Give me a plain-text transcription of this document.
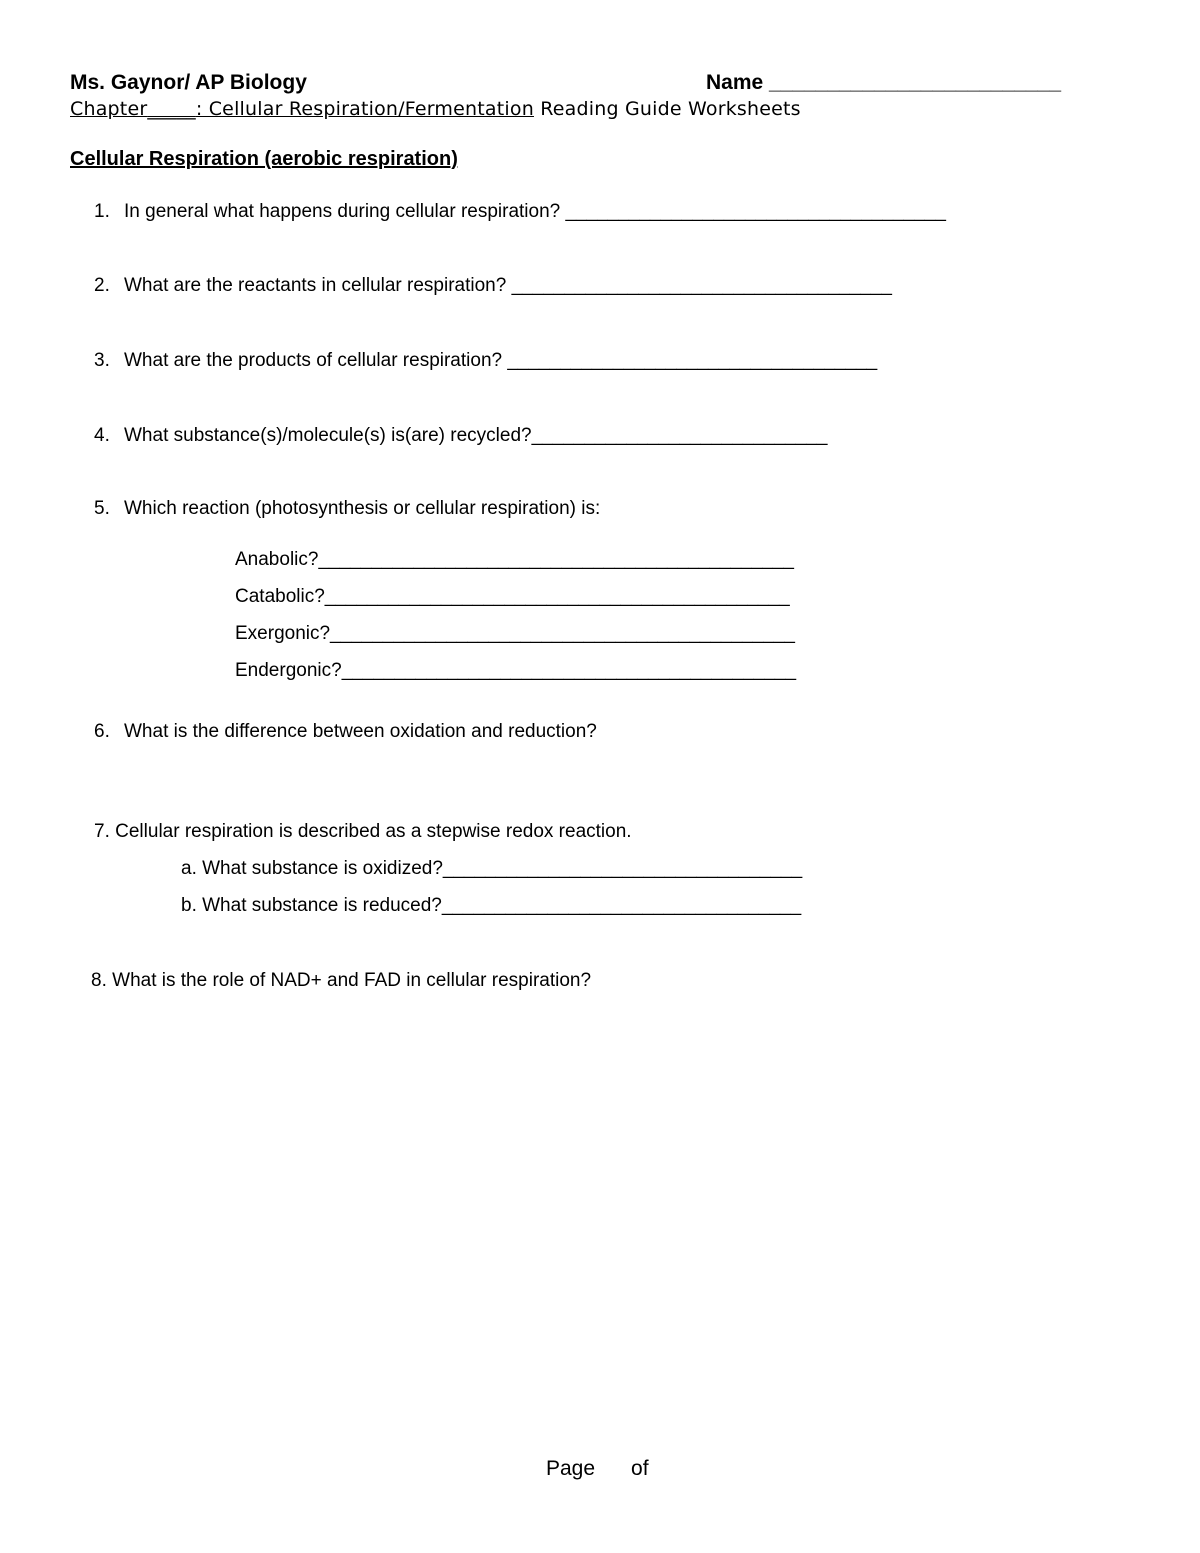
Ms. Gaynor/ AP Biology	Name _________________________
Chapter_____: Cellular Respiration/Fermentation Reading Guide Worksheets
Cellular Respiration (aerobic respiration)
1. In general what happens during cellular respiration? ____________________________________
2. What are the reactants in cellular respiration? ____________________________________
3. What are the products of cellular respiration? ___________________________________
4. What substance(s)/molecule(s) is(are) recycled?____________________________
5. Which reaction (photosynthesis or cellular respiration) is:
Anabolic?_____________________________________________
Catabolic?____________________________________________
Exergonic?____________________________________________
Endergonic?___________________________________________
6. What is the difference between oxidation and reduction?
7. Cellular respiration is described as a stepwise redox reaction.
a. What substance is oxidized?__________________________________
b. What substance is reduced?__________________________________
8. What is the role of NAD+ and FAD in cellular respiration?
Page of
